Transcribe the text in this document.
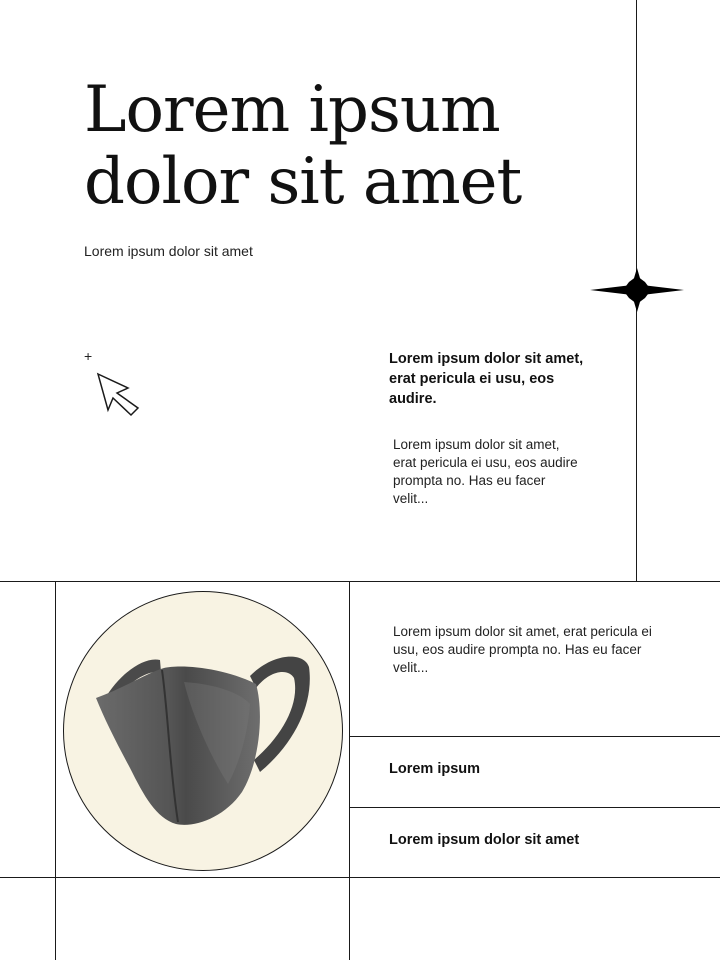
Lorem ipsum
dolor sit amet
Lorem ipsum dolor sit amet
+	Lorem ipsum dolor sit amet, erat pericula ei usu, eos audire.
Lorem ipsum dolor sit amet, erat pericula ei usu, eos audire prompta no. Has eu facer velit...
Lorem ipsum dolor sit amet, erat pericula ei usu, eos audire prompta no. Has eu facer velit...
Lorem ipsum
Lorem ipsum dolor sit amet
